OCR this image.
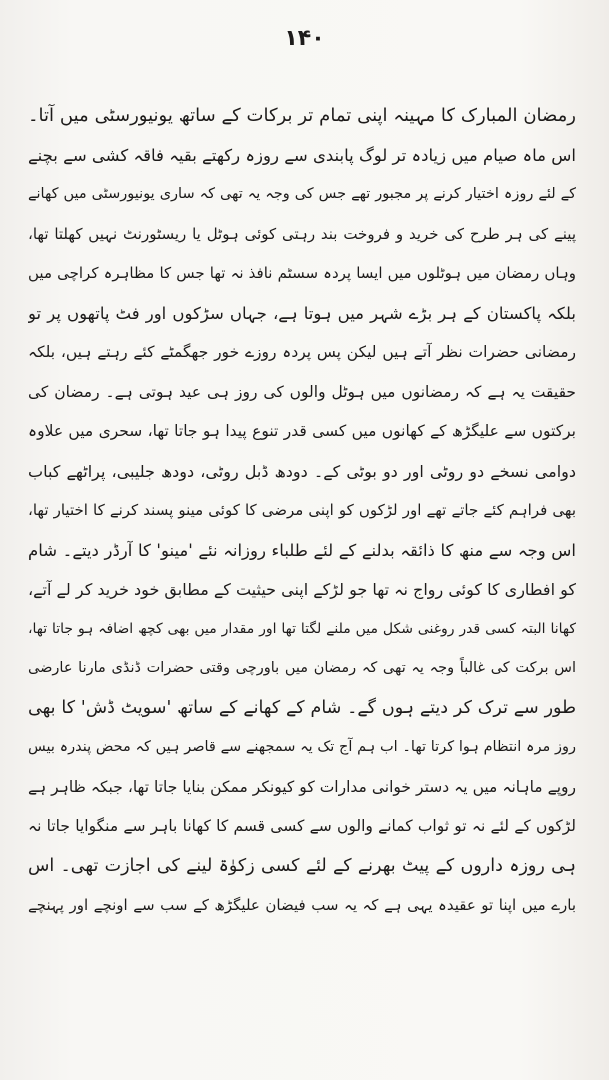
۱۴۰
رمضان المبارک کا مہینہ اپنی تمام تر برکات کے ساتھ یونیورسٹی میں آتا۔
اس ماہ صیام میں زیادہ تر لوگ پابندی سے روزہ رکھتے بقیہ فاقہ کشی سے بچنے
کے لئے روزہ اختیار کرنے پر مجبور تھے جس کی وجہ یہ تھی کہ ساری یونیورسٹی میں کھانے
پینے کی ہر طرح کی خرید و فروخت بند رہتی کوئی ہوٹل یا ریسٹورنٹ نہیں کھلتا تھا،
وہاں رمضان میں ہوٹلوں میں ایسا پردہ سسٹم نافذ نہ تھا جس کا مظاہرہ کراچی میں
بلکہ پاکستان کے ہر بڑے شہر میں ہوتا ہے، جہاں سڑکوں اور فٹ پاتھوں پر تو
رمضانی حضرات نظر آتے ہیں لیکن پس پردہ روزے خور جھگمٹے کئے رہتے ہیں، بلکہ
حقیقت یہ ہے کہ رمضانوں میں ہوٹل والوں کی روز ہی عید ہوتی ہے۔ رمضان کی
برکتوں سے علیگڑھ کے کھانوں میں کسی قدر تنوع پیدا ہو جاتا تھا، سحری میں علاوہ
دوامی نسخے دو روٹی اور دو بوٹی کے۔ دودھ ڈبل روٹی، دودھ جلیبی، پراٹھے کباب
بھی فراہم کئے جاتے تھے اور لڑکوں کو اپنی مرضی کا کوئی مینو پسند کرنے کا اختیار تھا،
اس وجہ سے منھ کا ذائقہ بدلنے کے لئے طلباء روزانہ نئے 'مینو' کا آرڈر دیتے۔ شام
کو افطاری کا کوئی رواج نہ تھا جو لڑکے اپنی حیثیت کے مطابق خود خرید کر لے آتے،
کھانا البتہ کسی قدر روغنی شکل میں ملنے لگتا تھا اور مقدار میں بھی کچھ اضافہ ہو جاتا تھا،
اس برکت کی غالباً وجہ یہ تھی کہ رمضان میں باورچی وقتی حضرات ڈنڈی مارنا عارضی
طور سے ترک کر دیتے ہوں گے۔ شام کے کھانے کے ساتھ 'سویٹ ڈش' کا بھی
روز مرہ انتظام ہوا کرتا تھا۔ اب ہم آج تک یہ سمجھنے سے قاصر ہیں کہ محض پندرہ بیس
روپے ماہانہ میں یہ دستر خوانی مدارات کو کیونکر ممکن بنایا جاتا تھا، جبکہ ظاہر ہے
لڑکوں کے لئے نہ تو ثواب کمانے والوں سے کسی قسم کا کھانا باہر سے منگوایا جاتا نہ
ہی روزہ داروں کے پیٹ بھرنے کے لئے کسی زکوٰۃ لینے کی اجازت تھی۔ اس
بارے میں اپنا تو عقیدہ یہی ہے کہ یہ سب فیضان علیگڑھ کے سب سے اونچے اور پہنچے
